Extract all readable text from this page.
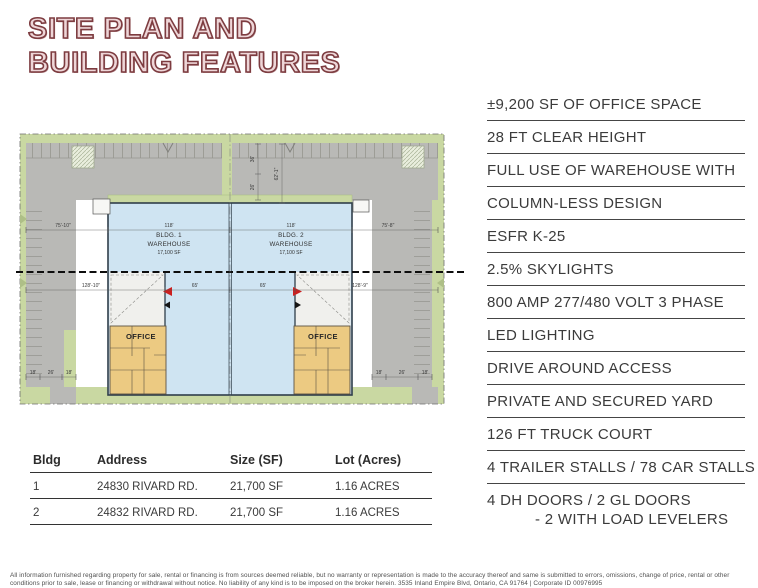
SITE PLAN AND
BUILDING FEATURES
75'-10"	118'	118'	75'-8"
128'-10"	65'	65'	128'-9"
18' 26' 18'	18'	26'	18'
36'
26'
62'-1"
BLDG. 1
WAREHOUSE
17,100 SF
BLDG. 2
WAREHOUSE
17,100 SF
OFFICE	OFFICE
±9,200 SF OF OFFICE SPACE
28 FT CLEAR HEIGHT
FULL USE OF WAREHOUSE WITH
COLUMN-LESS DESIGN
ESFR K-25
2.5% SKYLIGHTS
800 AMP 277/480 VOLT 3 PHASE
LED LIGHTING
DRIVE AROUND ACCESS
PRIVATE AND SECURED YARD
126 FT TRUCK COURT
4 TRAILER STALLS / 78 CAR STALLS
4 DH DOORS / 2 GL DOORS
- 2 WITH LOAD LEVELERS
Bldg	Address	Size (SF)	Lot (Acres)
1	24830 RIVARD RD.	21,700 SF	1.16 ACRES
2	24832 RIVARD RD.	21,700 SF	1.16 ACRES

All information furnished regarding property for sale, rental or financing is from sources deemed reliable, but no warranty or representation is made to the accuracy thereof and same is submitted to errors, omissions, change of price, rental or other conditions prior to sale, lease or financing or withdrawal without notice. No liability of any kind is to be imposed on the broker herein. 3535 Inland Empire Blvd, Ontario, CA 91764 | Corporate ID 00976995
